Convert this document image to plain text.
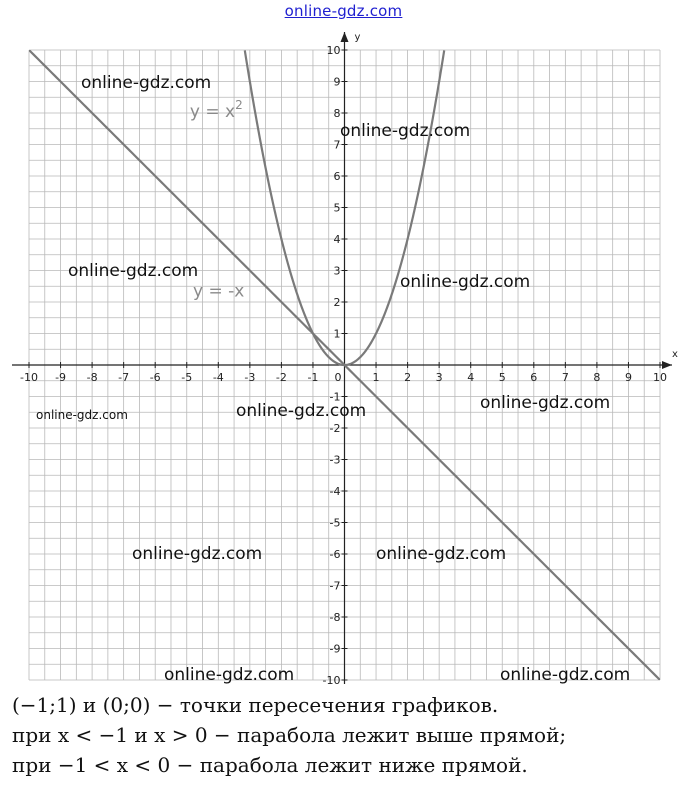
online-gdz.com
x
y
-10 -9 -8 -7 -6 -5 -4 -3 -2 -1	1 2 3 4 5 6 7 8 9 10
-10
-9
-8
-7
-6
-5
-4
-3
-2
-1
1
2
3
4
5
6
7
8
9
10
0
$y = x^2$
y = -x
online-gdz.com
online-gdz.com
online-gdz.com
online-gdz.com
online-gdz.com	online-gdz.com	online-gdz.com
online-gdz.com	online-gdz.com
online-gdz.com	online-gdz.com
(−1;1) и (0;0) − точки пересечения графиков.
при x < −1 и x > 0 − парабола лежит выше прямой;
при −1 < x < 0 − парабола лежит ниже прямой.
